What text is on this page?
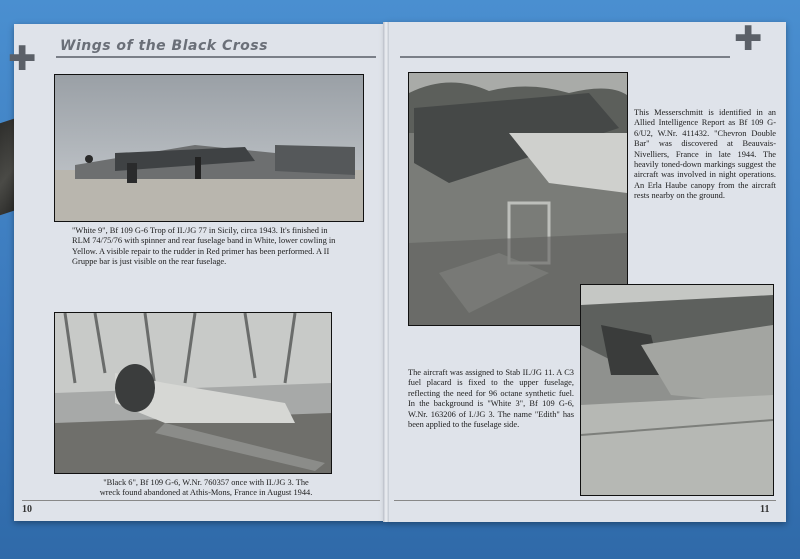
✚ Wings of the Black Cross	✚
"White 9", Bf 109 G-6 Trop of II./JG 77 in Sicily, circa 1943. It's finished in RLM 74/75/76 with spinner and rear fuselage band in White, lower cowling in Yellow. A visible repair to the rudder in Red primer has been performed. A II Gruppe bar is just visible on the rear fuselage.
"Black 6", Bf 109 G-6, W.Nr. 760357 once with II./JG 3. The wreck found abandoned at Athis-Mons, France in August 1944.
This Messerschmitt is identified in an Allied Intelligence Report as Bf 109 G-6/U2, W.Nr. 411432. "Chevron Double Bar" was discovered at Beauvais-Nivelliers, France in late 1944. The heavily toned-down markings suggest the aircraft was involved in night operations. An Erla Haube canopy from the aircraft rests nearby on the ground.
The aircraft was assigned to Stab II./JG 11. A C3 fuel placard is fixed to the upper fuselage, reflecting the need for 96 octane synthetic fuel. In the background is "White 3", Bf 109 G-6, W.Nr. 163206 of I./JG 3. The name "Edith" has been applied to the fuselage side.
10	11
